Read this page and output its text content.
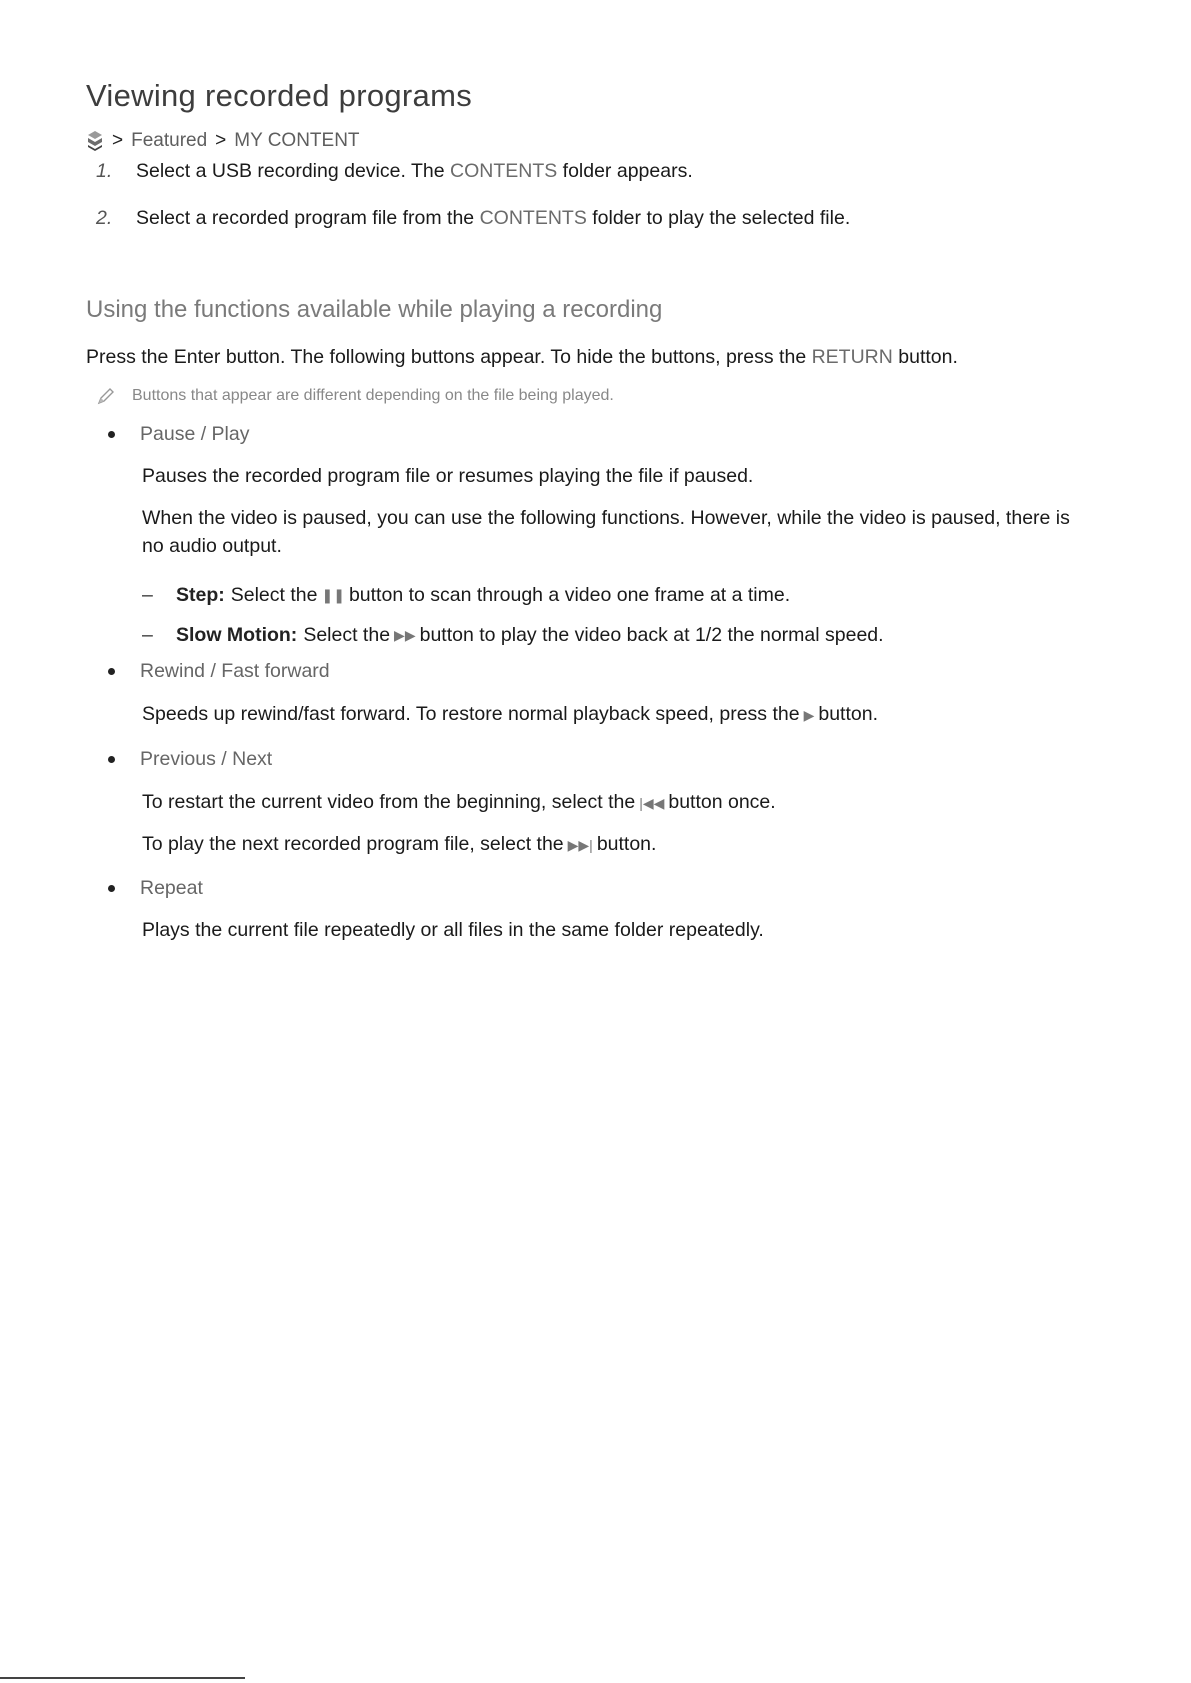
Viewing recorded programs
> Featured > MY CONTENT
1.	Select a USB recording device. The CONTENTS folder appears.
2.	Select a recorded program file from the CONTENTS folder to play the selected file.
Using the functions available while playing a recording
Press the Enter button. The following buttons appear. To hide the buttons, press the RETURN button.
Buttons that appear are different depending on the file being played.
Pause / Play
Pauses the recorded program file or resumes playing the file if paused.
When the video is paused, you can use the following functions. However, while the video is paused, there is no audio output.
–	Step: Select the ❚❚ button to scan through a video one frame at a time.
–	Slow Motion: Select the ▶▶ button to play the video back at 1/2 the normal speed.
Rewind / Fast forward
Speeds up rewind/fast forward. To restore normal playback speed, press the ▶ button.
Previous / Next
To restart the current video from the beginning, select the |◀◀ button once.
To play the next recorded program file, select the ▶▶| button.
Repeat
Plays the current file repeatedly or all files in the same folder repeatedly.
